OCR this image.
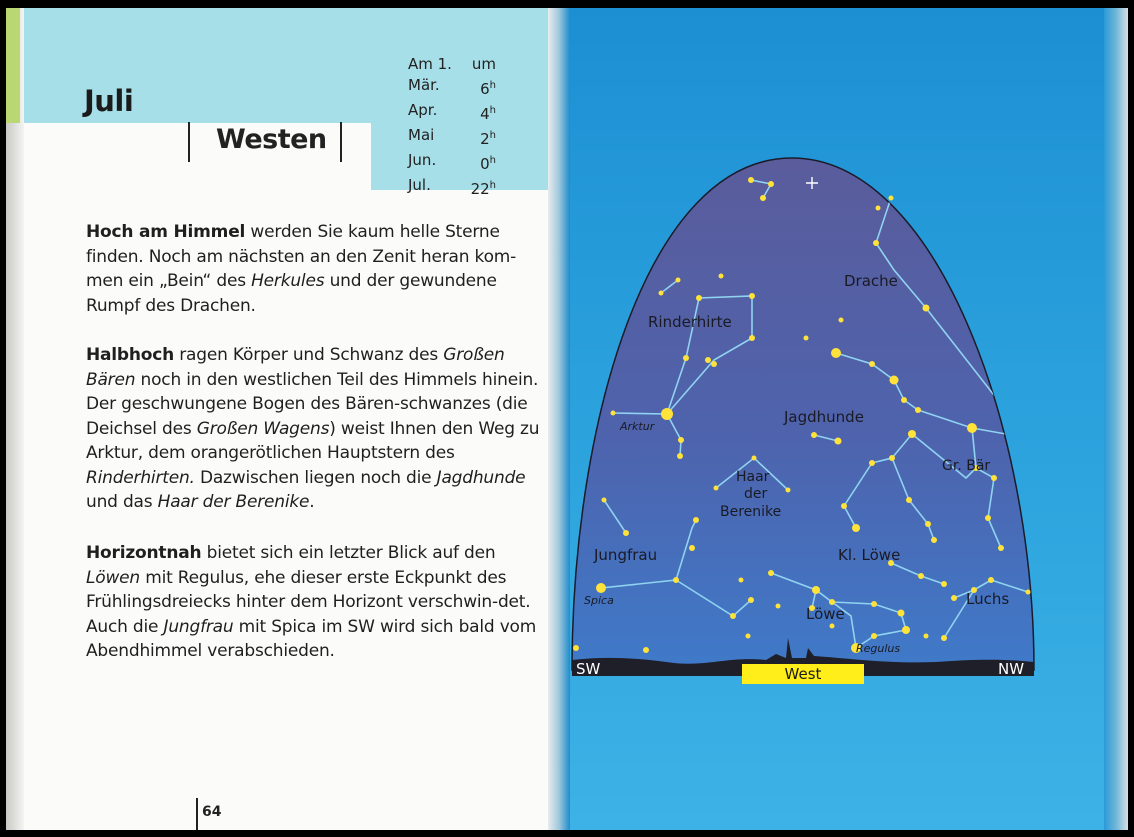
Juli
Westen
Am 1. um
Mär.	6$^h$
Apr.	4$^h$
Mai	2$^h$
Jun.	0$^h$
Jul.	22$^h$
Hoch am Himmel werden Sie kaum helle Sterne finden. Noch am nächsten an den Zenit heran kom-men ein „Bein“ des Herkules und der gewundene Rumpf des Drachen.
Halbhoch ragen Körper und Schwanz des Großen Bären noch in den westlichen Teil des Himmels hinein. Der geschwungene Bogen des Bären-schwanzes (die Deichsel des Großen Wagens) weist Ihnen den Weg zu Arktur, dem orangerötlichen Hauptstern des Rinderhirten. Dazwischen liegen noch die Jagdhunde und das Haar der Berenike.
Horizontnah bietet sich ein letzter Blick auf den Löwen mit Regulus, ehe dieser erste Eckpunkt des Frühlingsdreiecks hinter dem Horizont verschwin-det. Auch die Jungfrau mit Spica im SW wird sich bald vom Abendhimmel verabschieden.
64
Drache
Rinderhirte
Jagdhunde
Haar
der
Berenike
Gr. Bär
Jungfrau	Kl. Löwe
Löwe
Luchs
Arktur
Spica
Regulus
SW	NW
West
